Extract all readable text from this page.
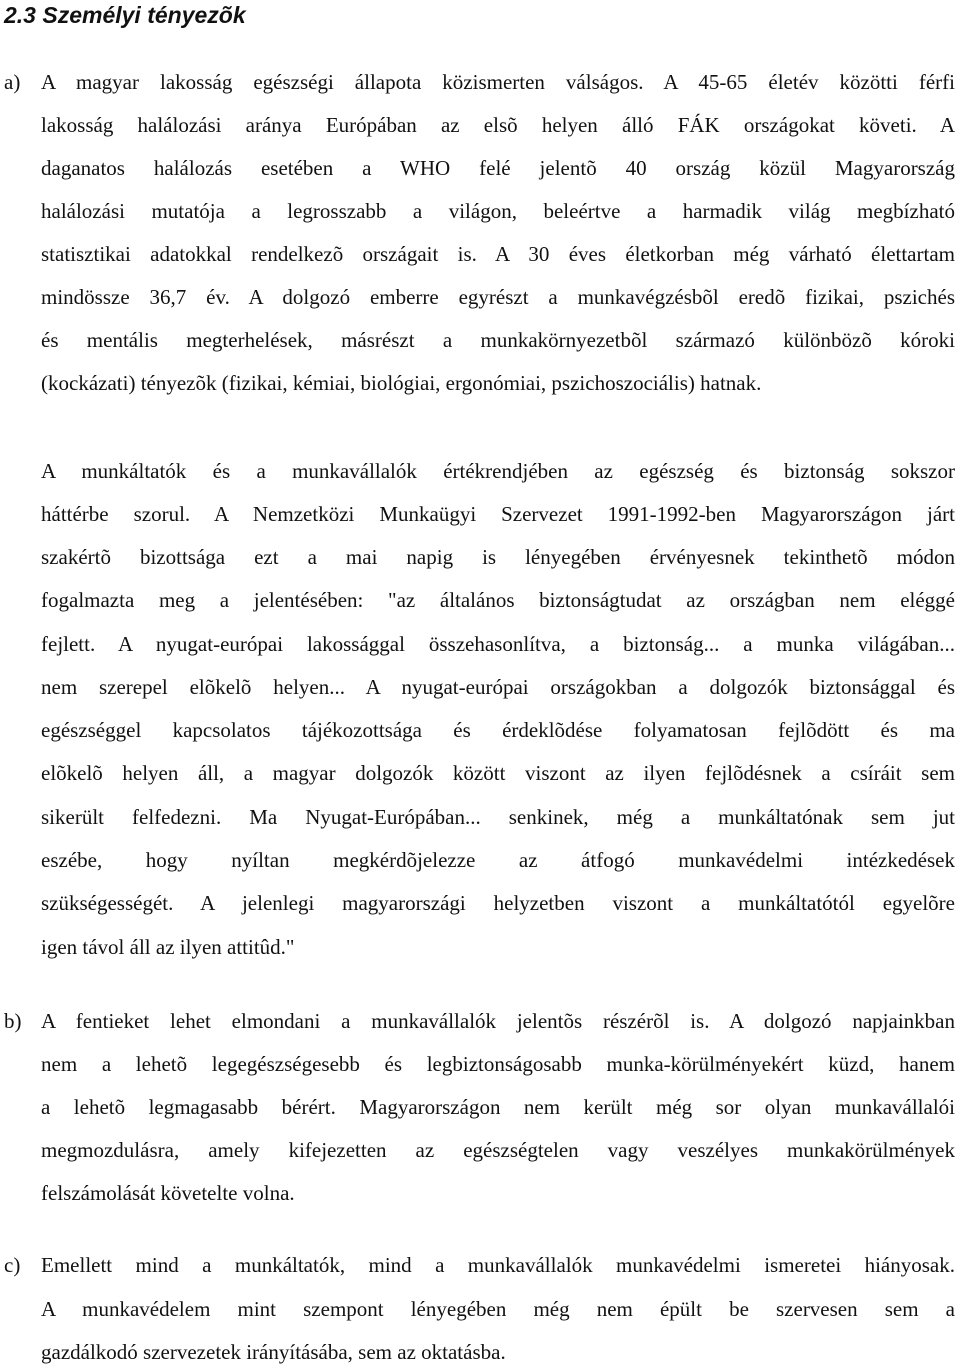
2.3 Személyi tényezõk
a) A magyar lakosság egészségi állapota közismerten válságos. A 45-65 életév közötti férfi
lakosság halálozási aránya Európában az elsõ helyen álló FÁK országokat követi. A
daganatos halálozás esetében a WHO felé jelentõ 40 ország közül Magyarország
halálozási mutatója a legrosszabb a világon, beleértve a harmadik világ megbízható
statisztikai adatokkal rendelkezõ országait is. A 30 éves életkorban még várható élettartam
mindössze 36,7 év. A dolgozó emberre egyrészt a munkavégzésbõl eredõ fizikai, pszichés
és mentális megterhelések, másrészt a munkakörnyezetbõl származó különbözõ kóroki
(kockázati) tényezõk (fizikai, kémiai, biológiai, ergonómiai, pszichoszociális) hatnak.
A munkáltatók és a munkavállalók értékrendjében az egészség és biztonság sokszor
háttérbe szorul. A Nemzetközi Munkaügyi Szervezet 1991-1992-ben Magyarországon járt
szakértõ bizottsága ezt a mai napig is lényegében érvényesnek tekinthetõ módon
fogalmazta meg a jelentésében: "az általános biztonságtudat az országban nem eléggé
fejlett. A nyugat-európai lakossággal összehasonlítva, a biztonság... a munka világában...
nem szerepel elõkelõ helyen... A nyugat-európai országokban a dolgozók biztonsággal és
egészséggel kapcsolatos tájékozottsága és érdeklõdése folyamatosan fejlõdött és ma
elõkelõ helyen áll, a magyar dolgozók között viszont az ilyen fejlõdésnek a csíráit sem
sikerült felfedezni. Ma Nyugat-Európában... senkinek, még a munkáltatónak sem jut
eszébe, hogy nyíltan megkérdõjelezze az átfogó munkavédelmi intézkedések
szükségességét. A jelenlegi magyarországi helyzetben viszont a munkáltatótól egyelõre
igen távol áll az ilyen attitûd."
b) A fentieket lehet elmondani a munkavállalók jelentõs részérõl is. A dolgozó napjainkban
nem a lehetõ legegészségesebb és legbiztonságosabb munka-körülményekért küzd, hanem
a lehetõ legmagasabb bérért. Magyarországon nem került még sor olyan munkavállalói
megmozdulásra, amely kifejezetten az egészségtelen vagy veszélyes munkakörülmények
felszámolását követelte volna.
c) Emellett mind a munkáltatók, mind a munkavállalók munkavédelmi ismeretei hiányosak.
A munkavédelem mint szempont lényegében még nem épült be szervesen sem a
gazdálkodó szervezetek irányításába, sem az oktatásba.
